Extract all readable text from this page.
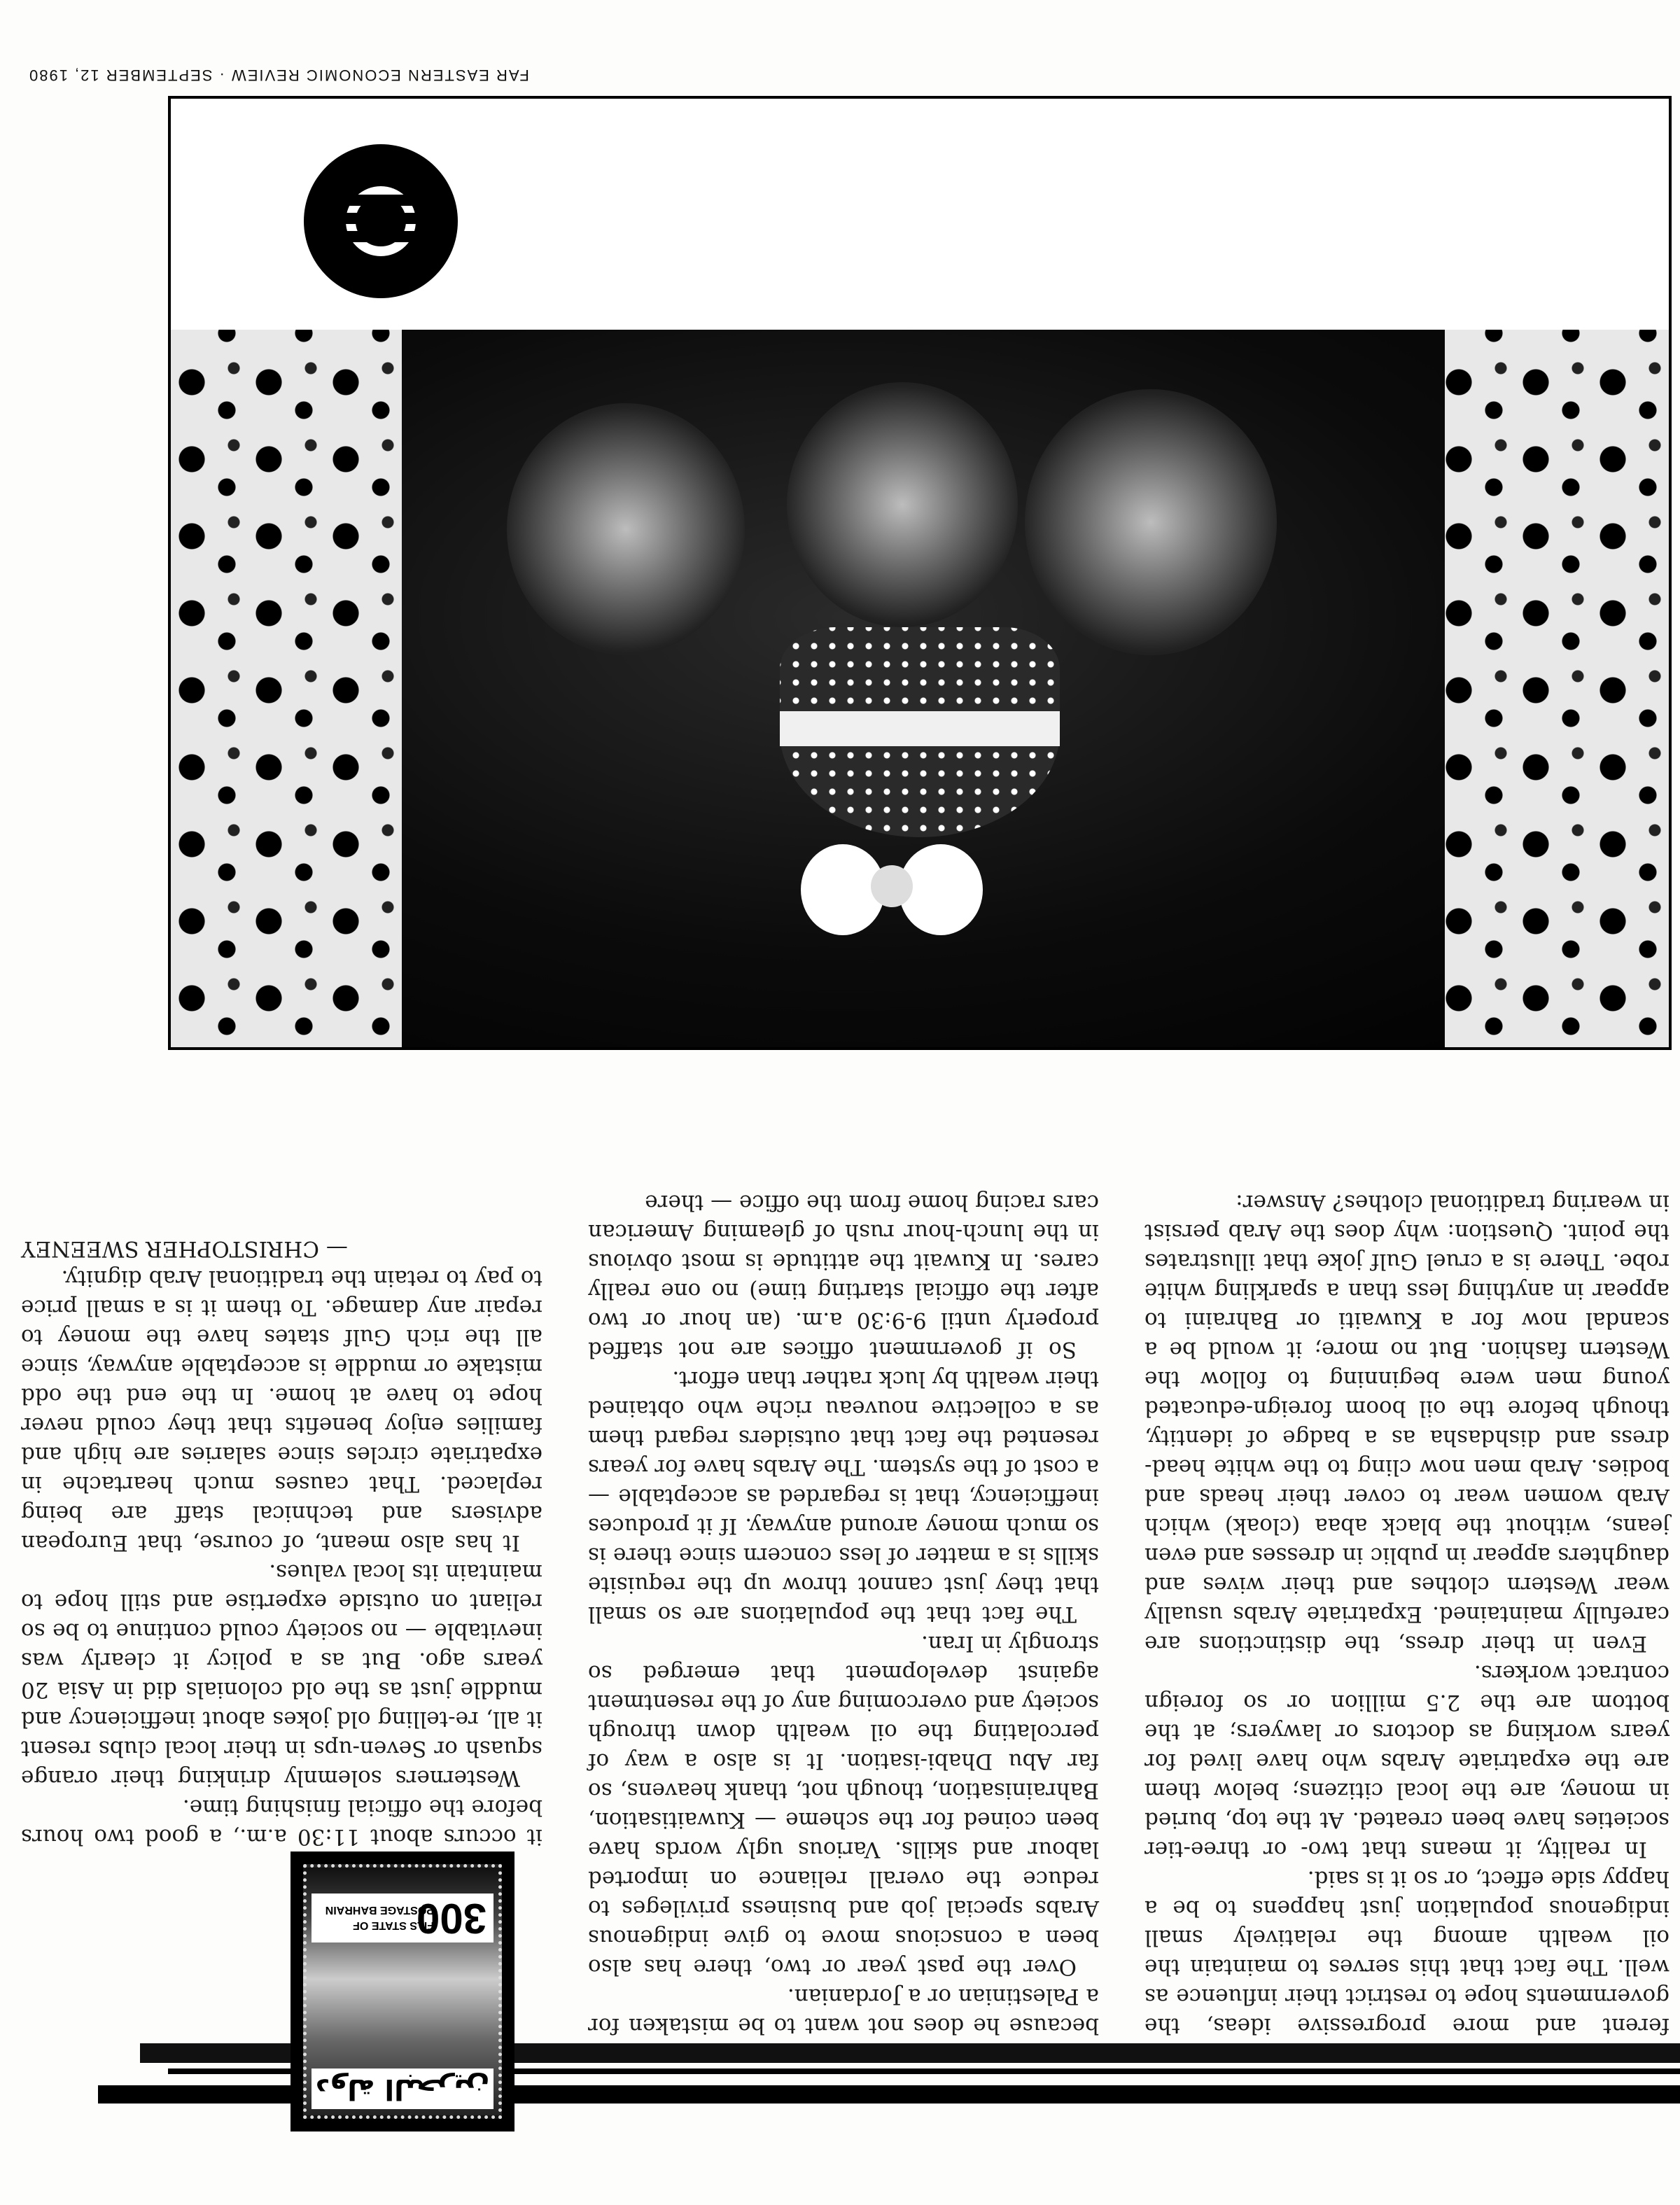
دولة البحرين
300
FILS STATE OF
POSTAGE BAHRAIN

ferent and more progressive ideas, the governments hope to restrict their influence as well. The fact that this serves to maintain the oil wealth among the relatively small indigenous population just happens to be a happy side effect, or so it is said.

In reality, it means that two- or three-tier societies have been created. At the top, buried in money, are the local citizens; below them are the expatriate Arabs who have lived for years working as doctors or lawyers; at the bottom are the 2.5 million or so foreign contract workers.

Even in their dress, the distinctions are carefully maintained. Expatriate Arabs usually wear Western clothes and their wives and daughters appear in public in dresses and even jeans, without the black abaa (cloak) which Arab women wear to cover their heads and bodies. Arab men now cling to the white head-dress and dishdasha as a badge of identity, though before the oil boom foreign-educated young men were beginning to follow the Western fashion. But no more; it would be a scandal now for a Kuwaiti or Bahraini to appear in anything less than a sparkling white robe. There is a cruel Gulf joke that illustrates the point. Question: why does the Arab persist in wearing traditional clothes? Answer:

because he does not want to be mistaken for a Palestinian or a Jordanian.

Over the past year or two, there has also been a conscious move to give indigenous Arabs special job and business privileges to reduce the overall reliance on imported labour and skills. Various ugly words have been coined for the scheme — Kuwaitisation, Bahrainisation, though not, thank heavens, so far Abu Dhabi-isation. It is also a way of percolating the oil wealth down through society and overcoming any of the resentment against development that emerged so strongly in Iran.

The fact that the populations are so small that they just cannot throw up the requisite skills is a matter of less concern since there is so much money around anyway. If it produces inefficiency, that is regarded as acceptable — a cost of the system. The Arabs have for years resented the fact that outsiders regard them as a collective nouveau riche who obtained their wealth by luck rather than effort.

So if government offices are not staffed properly until 9-9:30 a.m. (an hour or two after the official starting time) no one really cares. In Kuwait the attitude is most obvious in the lunch-hour rush of gleaming American cars racing home from the office — there

it occurs about 11:30 a.m., a good two hours before the official finishing time.

Westerners solemnly drinking their orange squash or Seven-ups in their local clubs resent it all, re-telling old jokes about inefficiency and muddle just as the old colonials did in Asia 20 years ago. But as a policy it clearly was inevitable — no society could continue to be so reliant on outside expertise and still hope to maintain its local values.

It has also meant, of course, that European advisers and technical staff are being replaced. That causes much heartache in expatriate circles since salaries are high and families enjoy benefits that they could never hope to have at home. In the end the odd mistake or muddle is acceptable anyway, since all the rich Gulf states have the money to repair any damage. To them it is a small price to pay to retain the traditional Arab dignity.

— CHRISTOPHER SWEENEY

FAR EASTERN ECONOMIC REVIEW · SEPTEMBER 12, 1980
